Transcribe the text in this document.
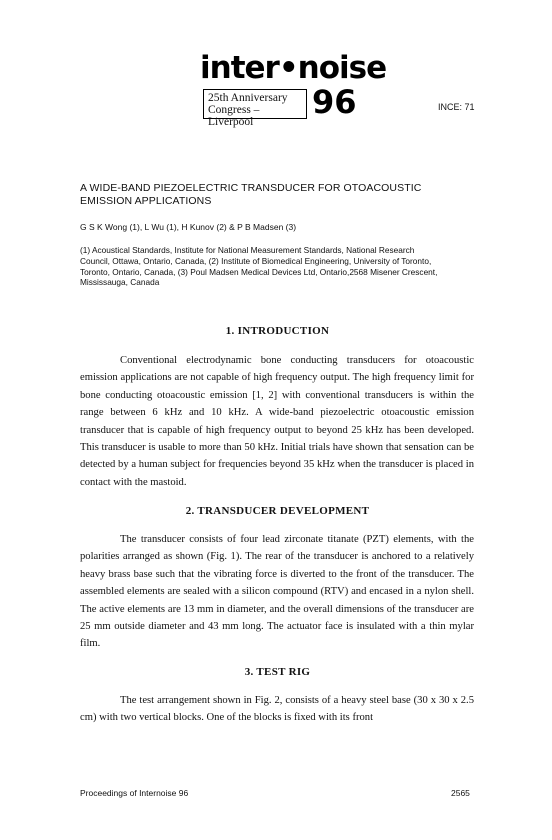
inter•noise
25th Anniversary
Congress – Liverpool
96	INCE: 71
A WIDE-BAND PIEZOELECTRIC TRANSDUCER FOR OTOACOUSTIC
EMISSION APPLICATIONS
G S K Wong (1), L Wu (1), H Kunov (2) & P B Madsen (3)
(1) Acoustical Standards, Institute for National Measurement Standards, National Research
Council, Ottawa, Ontario, Canada, (2) Institute of Biomedical Engineering, University of Toronto,
Toronto, Ontario, Canada, (3) Poul Madsen Medical Devices Ltd, Ontario,2568 Misener Crescent,
Mississauga, Canada
1. INTRODUCTION

Conventional electrodynamic bone conducting transducers for otoacoustic emission applications are not capable of high frequency output. The high frequency limit for bone conducting otoacoustic emission [1, 2] with conventional transducers is within the range between 6 kHz and 10 kHz. A wide-band piezoelectric otoacoustic emission transducer that is capable of high frequency output to beyond 25 kHz has been developed. This transducer is usable to more than 50 kHz. Initial trials have shown that sensation can be detected by a human subject for frequencies beyond 35 kHz when the transducer is placed in contact with the mastoid.

2. TRANSDUCER DEVELOPMENT

The transducer consists of four lead zirconate titanate (PZT) elements, with the polarities arranged as shown (Fig. 1). The rear of the transducer is anchored to a relatively heavy brass base such that the vibrating force is diverted to the front of the transducer. The assembled elements are sealed with a silicon compound (RTV) and encased in a nylon shell. The active elements are 13 mm in diameter, and the overall dimensions of the transducer are 25 mm outside diameter and 43 mm long. The actuator face is insulated with a thin mylar film.

3. TEST RIG

The test arrangement shown in Fig. 2, consists of a heavy steel base (30 x 30 x 2.5 cm) with two vertical blocks. One of the blocks is fixed with its front

Proceedings of Internoise 96	2565
